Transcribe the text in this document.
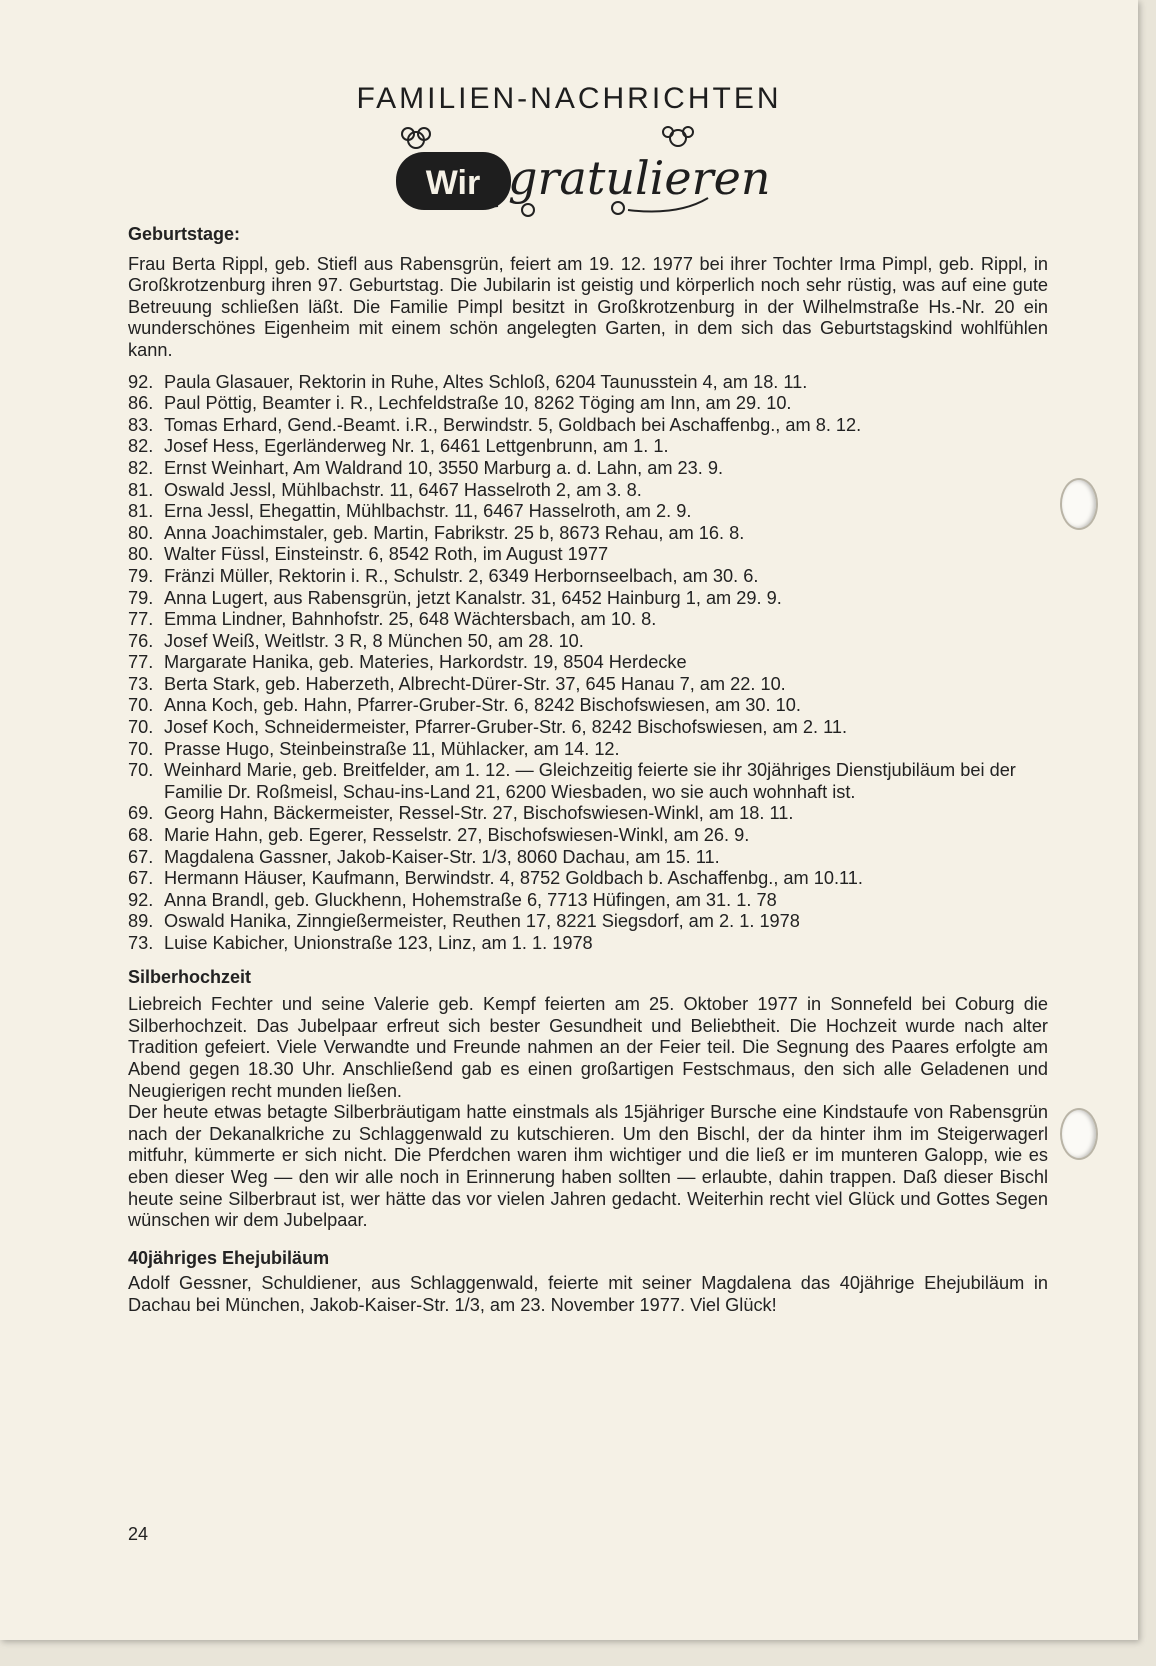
FAMILIEN-NACHRICHTEN
Wir gratulieren
Geburtstage:

Frau Berta Rippl, geb. Stiefl aus Rabensgrün, feiert am 19. 12. 1977 bei ihrer Tochter Irma Pimpl, geb. Rippl, in Großkrotzenburg ihren 97. Geburtstag. Die Jubilarin ist geistig und körperlich noch sehr rüstig, was auf eine gute Betreuung schließen läßt. Die Familie Pimpl besitzt in Großkrotzenburg in der Wilhelmstraße Hs.-Nr. 20 ein wunderschönes Eigenheim mit einem schön angelegten Garten, in dem sich das Geburtstagskind wohlfühlen kann.

92. Paula Glasauer, Rektorin in Ruhe, Altes Schloß, 6204 Taunusstein 4, am 18. 11.
86. Paul Pöttig, Beamter i. R., Lechfeldstraße 10, 8262 Töging am Inn, am 29. 10.
83. Tomas Erhard, Gend.-Beamt. i.R., Berwindstr. 5, Goldbach bei Aschaffenbg., am 8. 12.
82. Josef Hess, Egerländerweg Nr. 1, 6461 Lettgenbrunn, am 1. 1.
82. Ernst Weinhart, Am Waldrand 10, 3550 Marburg a. d. Lahn, am 23. 9.
81. Oswald Jessl, Mühlbachstr. 11, 6467 Hasselroth 2, am 3. 8.
81. Erna Jessl, Ehegattin, Mühlbachstr. 11, 6467 Hasselroth, am 2. 9.
80. Anna Joachimstaler, geb. Martin, Fabrikstr. 25 b, 8673 Rehau, am 16. 8.
80. Walter Füssl, Einsteinstr. 6, 8542 Roth, im August 1977
79. Fränzi Müller, Rektorin i. R., Schulstr. 2, 6349 Herbornseelbach, am 30. 6.
79. Anna Lugert, aus Rabensgrün, jetzt Kanalstr. 31, 6452 Hainburg 1, am 29. 9.
77. Emma Lindner, Bahnhofstr. 25, 648 Wächtersbach, am 10. 8.
76. Josef Weiß, Weitlstr. 3 R, 8 München 50, am 28. 10.
77. Margarate Hanika, geb. Materies, Harkordstr. 19, 8504 Herdecke
73. Berta Stark, geb. Haberzeth, Albrecht-Dürer-Str. 37, 645 Hanau 7, am 22. 10.
70. Anna Koch, geb. Hahn, Pfarrer-Gruber-Str. 6, 8242 Bischofswiesen, am 30. 10.
70. Josef Koch, Schneidermeister, Pfarrer-Gruber-Str. 6, 8242 Bischofswiesen, am 2. 11.
70. Prasse Hugo, Steinbeinstraße 11, Mühlacker, am 14. 12.
70. Weinhard Marie, geb. Breitfelder, am 1. 12. — Gleichzeitig feierte sie ihr 30jähriges Dienstjubiläum bei der Familie Dr. Roßmeisl, Schau-ins-Land 21, 6200 Wiesbaden, wo sie auch wohnhaft ist.
69. Georg Hahn, Bäckermeister, Ressel-Str. 27, Bischofswiesen-Winkl, am 18. 11.
68. Marie Hahn, geb. Egerer, Resselstr. 27, Bischofswiesen-Winkl, am 26. 9.
67. Magdalena Gassner, Jakob-Kaiser-Str. 1/3, 8060 Dachau, am 15. 11.
67. Hermann Häuser, Kaufmann, Berwindstr. 4, 8752 Goldbach b. Aschaffenbg., am 10.11.
92. Anna Brandl, geb. Gluckhenn, Hohemstraße 6, 7713 Hüfingen, am 31. 1. 78
89. Oswald Hanika, Zinngießermeister, Reuthen 17, 8221 Siegsdorf, am 2. 1. 1978
73. Luise Kabicher, Unionstraße 123, Linz, am 1. 1. 1978
Silberhochzeit

Liebreich Fechter und seine Valerie geb. Kempf feierten am 25. Oktober 1977 in Sonnefeld bei Coburg die Silberhochzeit. Das Jubelpaar erfreut sich bester Gesundheit und Beliebtheit. Die Hochzeit wurde nach alter Tradition gefeiert. Viele Verwandte und Freunde nahmen an der Feier teil. Die Segnung des Paares erfolgte am Abend gegen 18.30 Uhr. Anschließend gab es einen großartigen Festschmaus, den sich alle Geladenen und Neugierigen recht munden ließen.

Der heute etwas betagte Silberbräutigam hatte einstmals als 15jähriger Bursche eine Kindstaufe von Rabensgrün nach der Dekanalkriche zu Schlaggenwald zu kutschieren. Um den Bischl, der da hinter ihm im Steigerwagerl mitfuhr, kümmerte er sich nicht. Die Pferdchen waren ihm wichtiger und die ließ er im munteren Galopp, wie es eben dieser Weg — den wir alle noch in Erinnerung haben sollten — erlaubte, dahin trappen. Daß dieser Bischl heute seine Silberbraut ist, wer hätte das vor vielen Jahren gedacht. Weiterhin recht viel Glück und Gottes Segen wünschen wir dem Jubelpaar.

40jähriges Ehejubiläum

Adolf Gessner, Schuldiener, aus Schlaggenwald, feierte mit seiner Magdalena das 40jährige Ehejubiläum in Dachau bei München, Jakob-Kaiser-Str. 1/3, am 23. November 1977. Viel Glück!

24
